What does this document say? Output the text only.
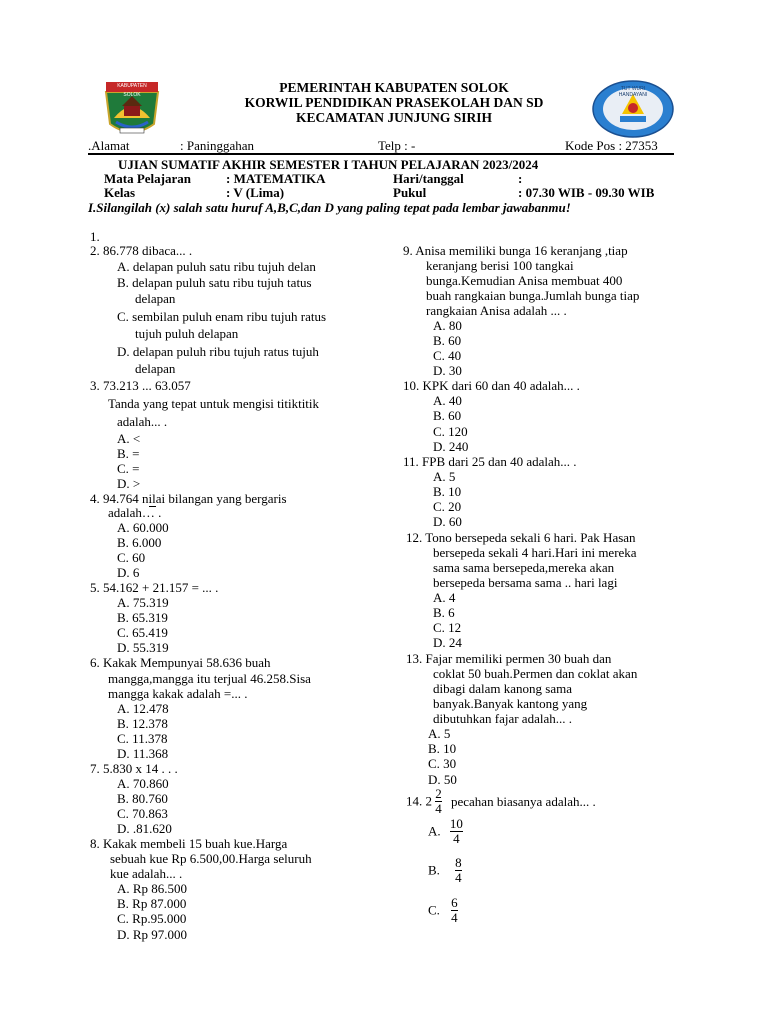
KABUPATEN SOLOK
TUT WURI HANDAYANI
PEMERINTAH KABUPATEN SOLOK
KORWIL PENDIDIKAN PRASEKOLAH DAN SD
KECAMATAN JUNJUNG SIRIH
.Alamat	: Paninggahan	Telp : -	Kode Pos : 27353
UJIAN SUMATIF AKHIR SEMESTER I TAHUN PELAJARAN 2023/2024
Mata Pelajaran	: MATEMATIKA	Hari/tanggal	:
Kelas	: V (Lima)	Pukul	: 07.30 WIB - 09.30 WIB
I.Silangilah (x) salah satu huruf A,B,C,dan D yang paling tepat pada lembar jawabanmu!
1.
2. 86.778 dibaca... .
A. delapan puluh satu ribu tujuh delan
B. delapan puluh satu ribu tujuh tatus
delapan
C. sembilan puluh enam ribu tujuh ratus
tujuh puluh delapan
D. delapan puluh ribu tujuh ratus tujuh
delapan
3. 73.213 ... 63.057
Tanda yang tepat untuk mengisi titiktitik
adalah... .
A. <
B. =
C. =
D. >
4. 94.764 nilai bilangan yang bergaris
adalah… .
A. 60.000
B. 6.000
C. 60
D. 6
5. 54.162 + 21.157 = ... .
A. 75.319
B. 65.319
C. 65.419
D. 55.319
6. Kakak Mempunyai 58.636 buah
mangga,mangga itu terjual 46.258.Sisa
mangga kakak adalah =... .
A. 12.478
B. 12.378
C. 11.378
D. 11.368
7. 5.830 x 14 . . .
A. 70.860
B. 80.760
C. 70.863
D. .81.620
8. Kakak membeli 15 buah kue.Harga
sebuah kue Rp 6.500,00.Harga seluruh
kue adalah... .
A. Rp 86.500
B. Rp 87.000
C. Rp.95.000
D. Rp 97.000
9. Anisa memiliki bunga 16 keranjang ,tiap
keranjang berisi 100 tangkai
bunga.Kemudian Anisa membuat 400
buah rangkaian bunga.Jumlah bunga tiap
rangkaian Anisa adalah ... .
A. 80
B. 60
C. 40
D. 30
10. KPK dari 60 dan 40 adalah... .
A. 40
B. 60
C. 120
D. 240
11. FPB dari 25 dan 40 adalah... .
A. 5
B. 10
C. 20
D. 60
12. Tono bersepeda sekali 6 hari. Pak Hasan
bersepeda sekali 4 hari.Hari ini mereka
sama sama bersepeda,mereka akan
bersepeda bersama sama .. hari lagi
A. 4
B. 6
C. 12
D. 24
13. Fajar memiliki permen 30 buah dan
coklat 50 buah.Permen dan coklat akan
dibagi dalam kanong sama
banyak.Banyak kantong yang
dibutuhkan fajar adalah... .
A. 5
B. 10
C. 30
D. 50
14. $2 \frac{2}{4}$ pecahan biasanya adalah... .
A. $\frac{10}{4}$
B. $\frac{8}{4}$
C. $\frac{6}{4}$
